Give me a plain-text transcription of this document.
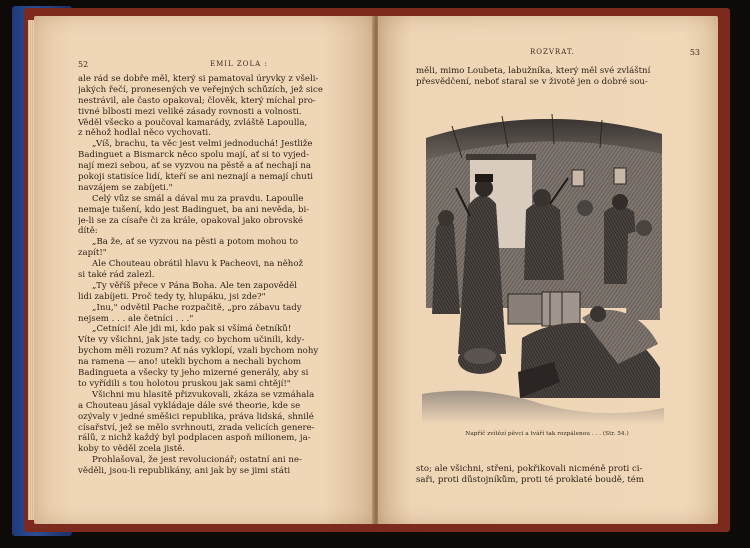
52	EMIL ZOLA :
ale rád se dobře měl, který si pamatoval úryvky z všeli-
jakých řečí, pronesených ve veřejných schůzích, jež sice
nestrávil, ale často opakoval; člověk, který míchal pro-
tivné blbosti mezi veliké zásady rovnosti a volnosti.
Věděl všecko a poučoval kamarády, zvláště Lapoulla,
z něhož hodlal něco vychovati.
„Víš, brachu, ta věc jest velmi jednoduchá! Jestliže
Badinguet a Bismarck něco spolu mají, ať si to vyjed-
nají mezi sebou, ať se vyzvou na pěstě a ať nechají na
pokoji statisíce lidí, kteří se ani neznají a nemají chuti
navzájem se zabíjeti."
Celý vůz se smál a dával mu za pravdu. Lapoulle
nemaje tušení, kdo jest Badinguet, ba ani nevěda, bi-
je-li se za císaře či za krále, opakoval jako obrovské
dítě:
„Ba že, ať se vyzvou na pěsti a potom mohou to
zapít!"
Ale Chouteau obrátil hlavu k Pacheovi, na něhož
si také rád zalezl.
„Ty věříš přece v Pána Boha. Ale ten zapověděl
lidi zabíjeti. Proč tedy ty, hlupáku, jsi zde?"
„Inu," odvětil Pache rozpačitě, „pro zábavu tady
nejsem . . . ale četníci . . ."
„Četníci! Ale jdi mi, kdo pak si všímá četníků!
Víte vy všichni, jak jste tady, co bychom učinili, kdy-
bychom měli rozum? Ať nás vyklopí, vzali bychom nohy
na ramena — ano! utekli bychom a nechali bychom
Badingueta a všecky ty jeho mizerné generály, aby si
to vyřídili s tou holotou pruskou jak sami chtějí!"
Všichni mu hlasitě přizvukovali, zkáza se vzmáhala
a Chouteau jásal vykládaje dále své theorie, kde se
ozývaly v jedné směšici republika, práva lidská, shnilé
císařství, jež se mělo svrhnouti, zrada velicích genere-
rálů, z nichž každý byl podplacen aspoň milionem, ja-
koby to věděl zcela jistě.
Prohlašoval, že jest revolucionář; ostatní ani ne-
věděli, jsou-li republikány, ani jak by se jimi státi
ROZVRAT.	53
měli, mimo Loubeta, labužníka, který měl své zvláštní
přesvědčení, neboť staral se v životě jen o dobré sou-
Napříč zvítězí pěvci a tváří tak rozpálenou . . . (Str. 54.)
sto; ale všichni, střeni, pokřikovali nicméně proti ci-
saři, proti důstojníkům, proti té proklaté boudě, tém
